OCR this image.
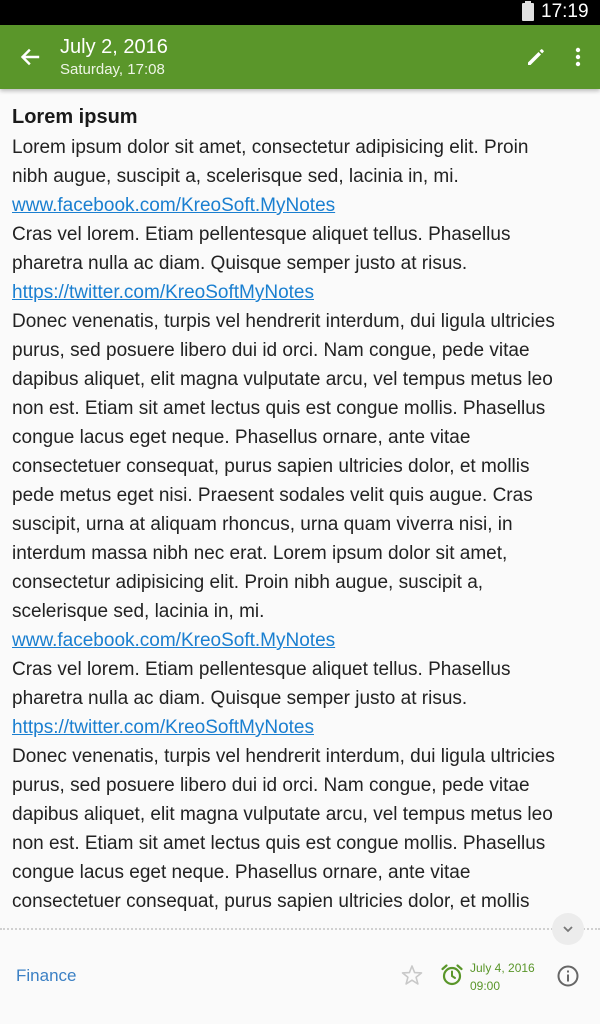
17:19
July 2, 2016
Saturday, 17:08
Lorem ipsum
Lorem ipsum dolor sit amet, consectetur adipisicing elit. Proin
nibh augue, suscipit a, scelerisque sed, lacinia in, mi.
www.facebook.com/KreoSoft.MyNotes
Cras vel lorem. Etiam pellentesque aliquet tellus. Phasellus
pharetra nulla ac diam. Quisque semper justo at risus.
https://twitter.com/KreoSoftMyNotes
Donec venenatis, turpis vel hendrerit interdum, dui ligula ultricies
purus, sed posuere libero dui id orci. Nam congue, pede vitae
dapibus aliquet, elit magna vulputate arcu, vel tempus metus leo
non est. Etiam sit amet lectus quis est congue mollis. Phasellus
congue lacus eget neque. Phasellus ornare, ante vitae
consectetuer consequat, purus sapien ultricies dolor, et mollis
pede metus eget nisi. Praesent sodales velit quis augue. Cras
suscipit, urna at aliquam rhoncus, urna quam viverra nisi, in
interdum massa nibh nec erat. Lorem ipsum dolor sit amet,
consectetur adipisicing elit. Proin nibh augue, suscipit a,
scelerisque sed, lacinia in, mi.
www.facebook.com/KreoSoft.MyNotes
Cras vel lorem. Etiam pellentesque aliquet tellus. Phasellus
pharetra nulla ac diam. Quisque semper justo at risus.
https://twitter.com/KreoSoftMyNotes
Donec venenatis, turpis vel hendrerit interdum, dui ligula ultricies
purus, sed posuere libero dui id orci. Nam congue, pede vitae
dapibus aliquet, elit magna vulputate arcu, vel tempus metus leo
non est. Etiam sit amet lectus quis est congue mollis. Phasellus
congue lacus eget neque. Phasellus ornare, ante vitae
consectetuer consequat, purus sapien ultricies dolor, et mollis
Finance	July 4, 2016
09:00
